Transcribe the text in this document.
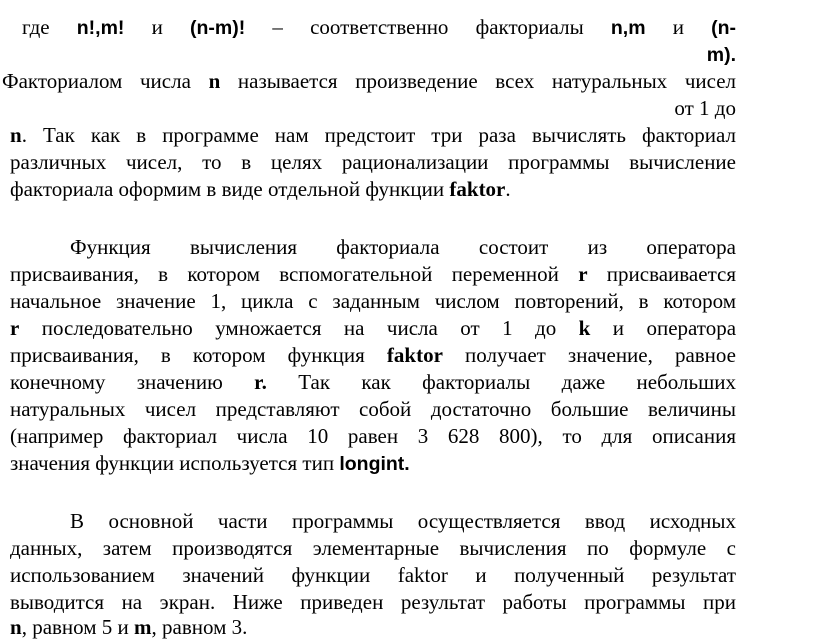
где n!,m! и (n-m)! – соответственно факториалы n,m и (n-
m).
Факториалом числа n называется произведение всех натуральных чисел
от 1 до
n. Так как в программе нам предстоит три раза вычислять факториал
различных чисел, то в целях рационализации программы вычисление
факториала оформим в виде отдельной функции faktor.
Функция вычисления факториала состоит из оператора
присваивания, в котором вспомогательной переменной r присваивается
начальное значение 1, цикла с заданным числом повторений, в котором
r последовательно умножается на числа от 1 до k и оператора
присваивания, в котором функция faktor получает значение, равное
конечному значению r. Так как факториалы даже небольших
натуральных чисел представляют собой достаточно большие величины
(например факториал числа 10 равен 3 628 800), то для описания
значения функции используется тип longint.
В основной части программы осуществляется ввод исходных
данных, затем производятся элементарные вычисления по формуле с
использованием значений функции faktor и полученный результат
выводится на экран. Ниже приведен результат работы программы при
n, равном 5 и m, равном 3.
